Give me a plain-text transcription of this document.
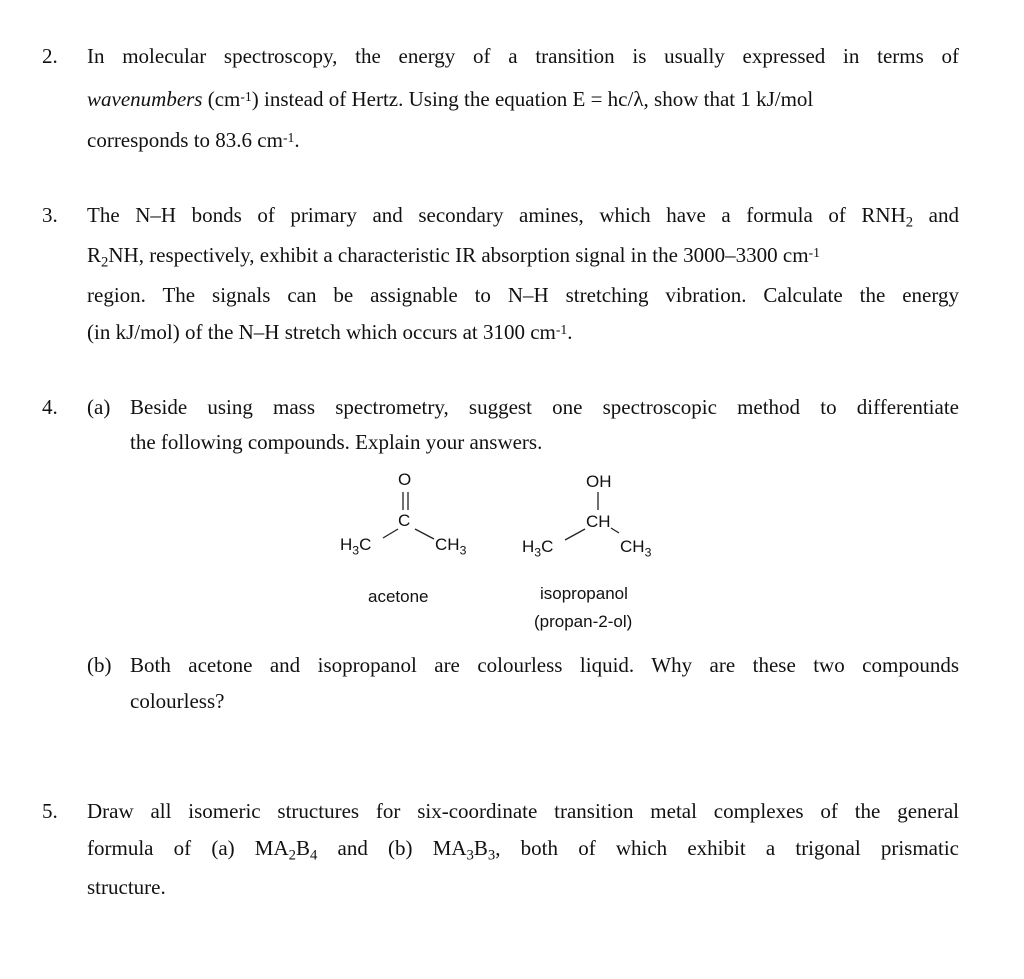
2. In molecular spectroscopy, the energy of a transition is usually expressed in terms of
wavenumbers $(cm^{-1})$ instead of Hertz. Using the equation E = hc/λ, show that 1 kJ/mol
corresponds to 83.6 $cm^{-1}$.
3. The N–H bonds of primary and secondary amines, which have a formula of $RNH_2$ and
$R_2NH$, respectively, exhibit a characteristic IR absorption signal in the 3000–3300 $cm^{-1}$
region. The signals can be assignable to N–H stretching vibration. Calculate the energy
(in kJ/mol) of the N–H stretch which occurs at 3100 $cm^{-1}$.
4. (a) Beside using mass spectrometry, suggest one spectroscopic method to differentiate
the following compounds. Explain your answers.
O
C
$H_3C$	$CH_3$
OH
CH
$H_3C$	$CH_3$
acetone	isopropanol
(propan-2-ol)
(b) Both acetone and isopropanol are colourless liquid. Why are these two compounds
colourless?
5. Draw all isomeric structures for six-coordinate transition metal complexes of the general
formula of (a) $MA_2B_4$ and (b) $MA_3B_3$, both of which exhibit a trigonal prismatic
structure.
